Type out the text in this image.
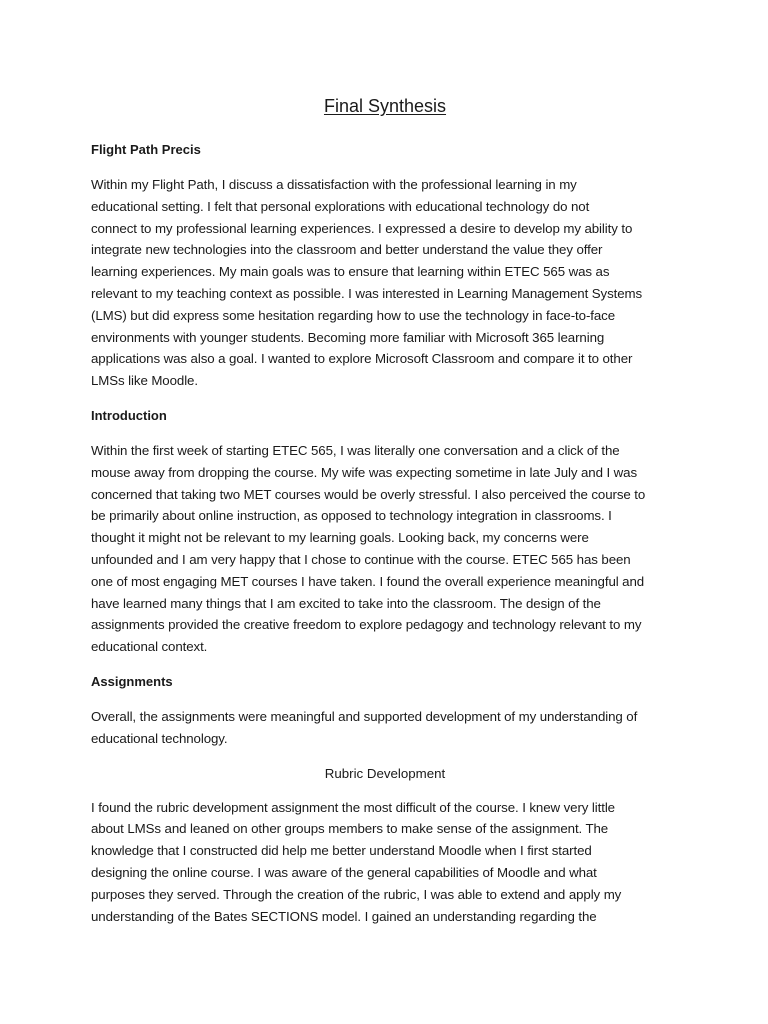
Final Synthesis
Flight Path Precis
Within my Flight Path, I discuss a dissatisfaction with the professional learning in my
educational setting. I felt that personal explorations with educational technology do not
connect to my professional learning experiences. I expressed a desire to develop my ability to
integrate new technologies into the classroom and better understand the value they offer
learning experiences. My main goals was to ensure that learning within ETEC 565 was as
relevant to my teaching context as possible. I was interested in Learning Management Systems
(LMS) but did express some hesitation regarding how to use the technology in face-to-face
environments with younger students. Becoming more familiar with Microsoft 365 learning
applications was also a goal. I wanted to explore Microsoft Classroom and compare it to other
LMSs like Moodle.
Introduction
Within the first week of starting ETEC 565, I was literally one conversation and a click of the
mouse away from dropping the course. My wife was expecting sometime in late July and I was
concerned that taking two MET courses would be overly stressful. I also perceived the course to
be primarily about online instruction, as opposed to technology integration in classrooms. I
thought it might not be relevant to my learning goals. Looking back, my concerns were
unfounded and I am very happy that I chose to continue with the course. ETEC 565 has been
one of most engaging MET courses I have taken. I found the overall experience meaningful and
have learned many things that I am excited to take into the classroom. The design of the
assignments provided the creative freedom to explore pedagogy and technology relevant to my
educational context.
Assignments
Overall, the assignments were meaningful and supported development of my understanding of
educational technology.
Rubric Development
I found the rubric development assignment the most difficult of the course. I knew very little
about LMSs and leaned on other groups members to make sense of the assignment. The
knowledge that I constructed did help me better understand Moodle when I first started
designing the online course. I was aware of the general capabilities of Moodle and what
purposes they served. Through the creation of the rubric, I was able to extend and apply my
understanding of the Bates SECTIONS model. I gained an understanding regarding the
